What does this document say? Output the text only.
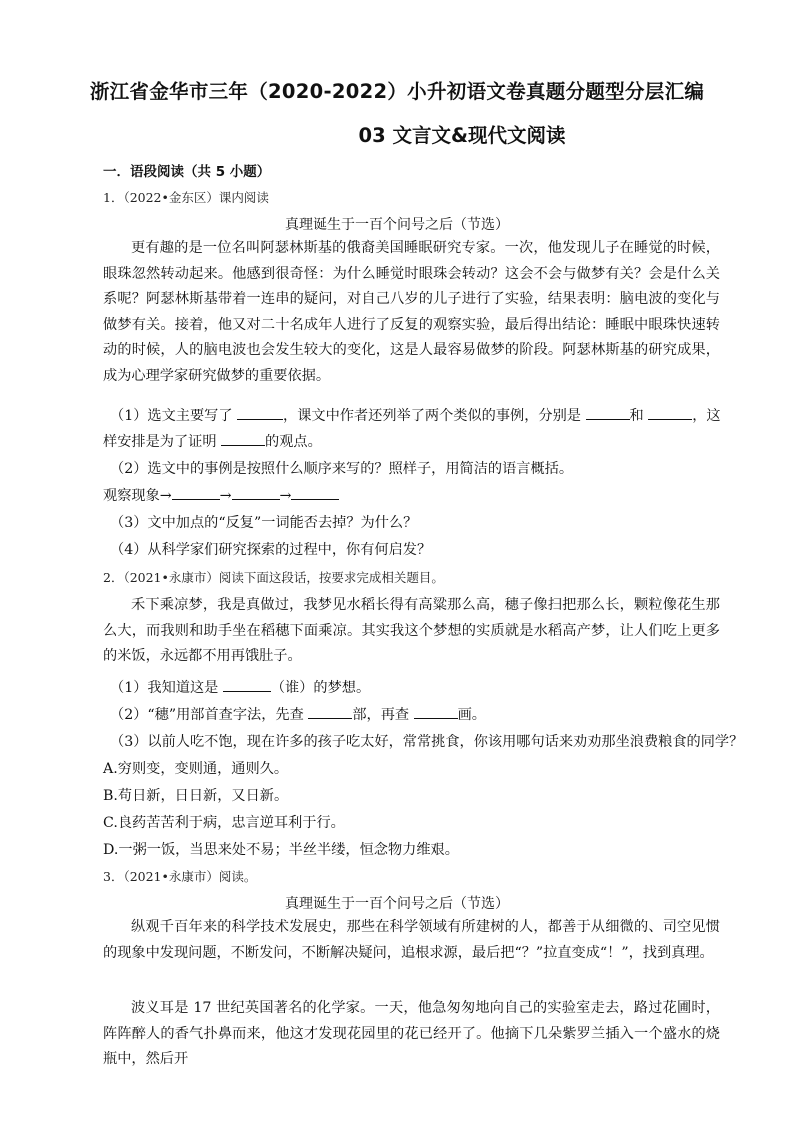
浙江省金华市三年（2020-2022）小升初语文卷真题分题型分层汇编
03 文言文&现代文阅读
一．语段阅读（共 5 小题）
1．（2022•金东区）课内阅读
真理诞生于一百个问号之后（节选）

更有趣的是一位名叫阿瑟林斯基的俄裔美国睡眠研究专家。一次，他发现儿子在睡觉的时候，眼珠忽然转动起来。他感到很奇怪：为什么睡觉时眼珠会转动？这会不会与做梦有关？会是什么关系呢？阿瑟林斯基带着一连串的疑问，对自己八岁的儿子进行了实验，结果表明：脑电波的变化与做梦有关。接着，他又对二十名成年人进行了反复的观察实验，最后得出结论：睡眠中眼珠快速转动的时候，人的脑电波也会发生较大的变化，这是人最容易做梦的阶段。阿瑟林斯基的研究成果，成为心理学家研究做梦的重要依据。

（1）选文主要写了	，课文中作者还列举了两个类似的事例，分别是	和	，这
样安排是为了证明	的观点。
（2）选文中的事例是按照什么顺序来写的？照样子，用简洁的语言概括。
观察现象→	→	→
（3）文中加点的“反复”一词能否去掉？为什么？
（4）从科学家们研究探索的过程中，你有何启发？
2．（2021•永康市）阅读下面这段话，按要求完成相关题目。

禾下乘凉梦，我是真做过，我梦见水稻长得有高粱那么高，穗子像扫把那么长，颗粒像花生那么大，而我则和助手坐在稻穗下面乘凉。其实我这个梦想的实质就是水稻高产梦，让人们吃上更多的米饭，永远都不用再饿肚子。

（1）我知道这是	（谁）的梦想。
（2）“穗”用部首查字法，先查	部，再查	画。
（3）以前人吃不饱，现在许多的孩子吃太好，常常挑食，你该用哪句话来劝劝那坐浪费粮食的同学？
A.穷则变，变则通，通则久。
B.苟日新，日日新，又日新。
C.良药苦苦利于病，忠言逆耳利于行。
D.一粥一饭，当思来处不易；半丝半缕，恒念物力维艰。
3．（2021•永康市）阅读。
真理诞生于一百个问号之后（节选）

纵观千百年来的科学技术发展史，那些在科学领域有所建树的人，都善于从细微的、司空见惯的现象中发现问题，不断发问，不断解决疑问，追根求源，最后把“？”拉直变成“！”，找到真理。

波义耳是 17 世纪英国著名的化学家。一天，他急匆匆地向自己的实验室走去，路过花圃时，阵阵醉人的香气扑鼻而来，他这才发现花园里的花已经开了。他摘下几朵紫罗兰插入一个盛水的烧瓶中，然后开
